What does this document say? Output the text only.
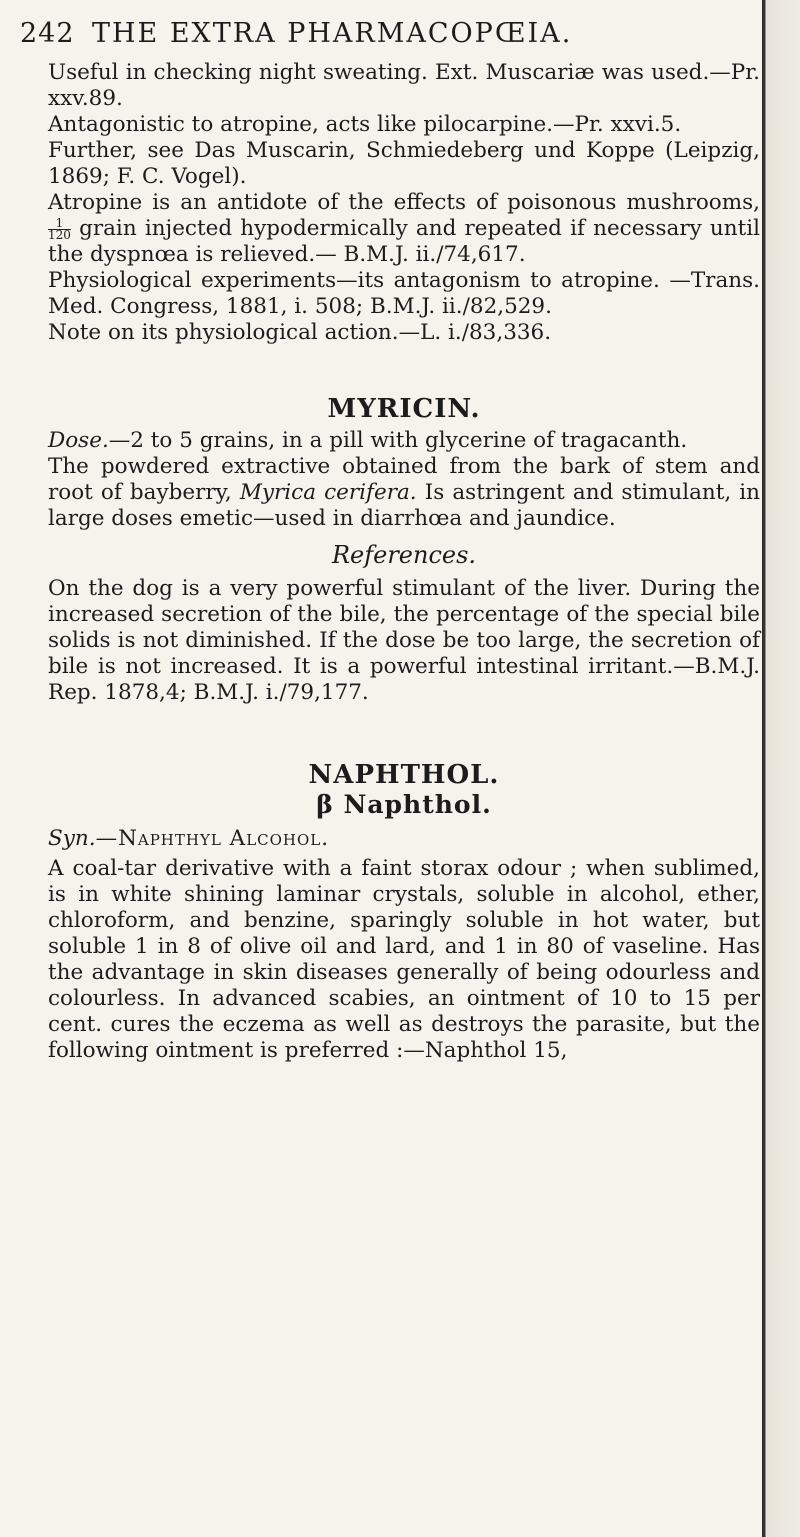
242 THE EXTRA PHARMACOPŒIA.

Useful in checking night sweating. Ext. Muscariæ was used.—Pr. xxv.89.

Antagonistic to atropine, acts like pilocarpine.—Pr. xxvi.5.

Further, see Das Muscarin, Schmiedeberg und Koppe (Leipzig, 1869; F. C. Vogel).

Atropine is an antidote of the effects of poisonous mushrooms,
$\frac{1}{120}$ grain injected hypodermically and repeated if necessary until the dyspnœa is relieved.— B.M.J. ii./74,617.

Physiological experiments—its antagonism to atropine. —Trans. Med. Congress, 1881, i. 508; B.M.J. ii./82,529.

Note on its physiological action.—L. i./83,336.

MYRICIN.

Dose.—2 to 5 grains, in a pill with glycerine of tragacanth.

The powdered extractive obtained from the bark of stem and root of bayberry, Myrica cerifera. Is astringent and stimulant, in large doses emetic—used in diarrhœa and jaundice.

References.

On the dog is a very powerful stimulant of the liver. During the increased secretion of the bile, the percentage of the special bile solids is not diminished. If the dose be too large, the secretion of bile is not increased. It is a powerful intestinal irritant.—B.M.J. Rep. 1878,4; B.M.J. i./79,177.

NAPHTHOL.

β Naphthol.

Syn.—Naphthyl Alcohol.

A coal-tar derivative with a faint storax odour ; when sublimed, is in white shining laminar crystals, soluble in alcohol, ether, chloroform, and benzine, sparingly soluble in hot water, but soluble 1 in 8 of olive oil and lard, and 1 in 80 of vaseline. Has the advantage in skin diseases generally of being odourless and colourless. In advanced scabies, an ointment of 10 to 15 per cent. cures the eczema as well as destroys the parasite, but the following ointment is preferred :—Naphthol 15,
